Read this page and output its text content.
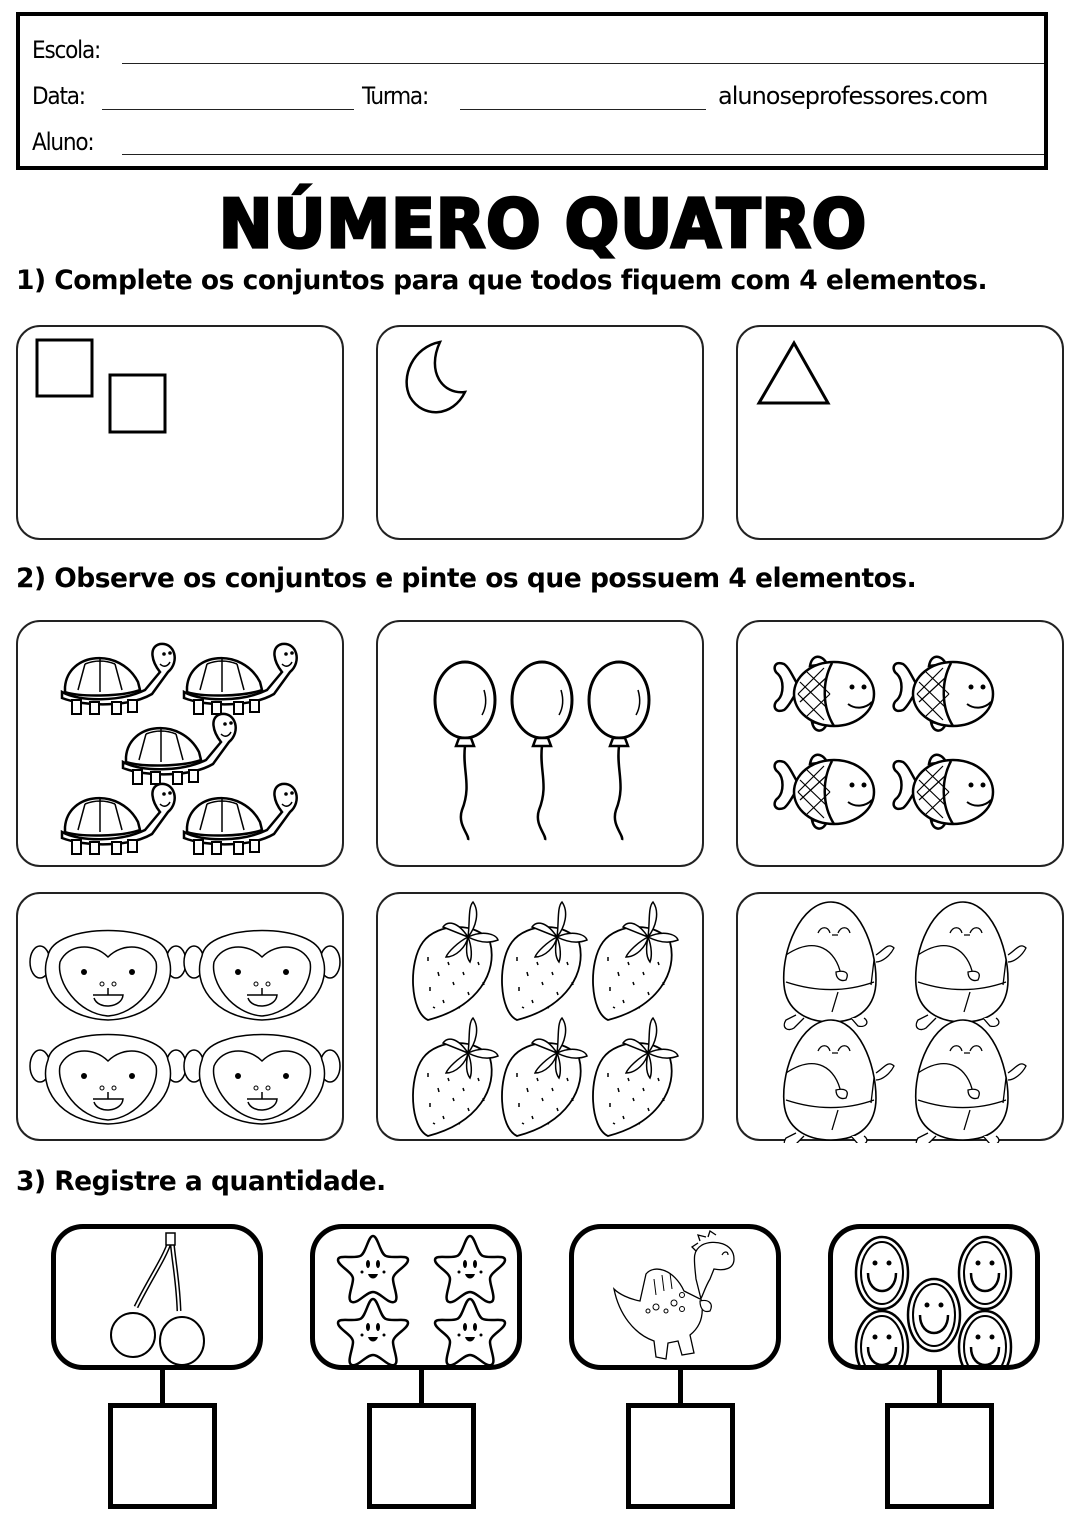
Escola:
Data:	Turma:	alunoseprofessores.com
Aluno:
NÚMERO QUATRO
1) Complete os conjuntos para que todos fiquem com 4 elementos.
2) Observe os conjuntos e pinte os que possuem 4 elementos.
3) Registre a quantidade.
